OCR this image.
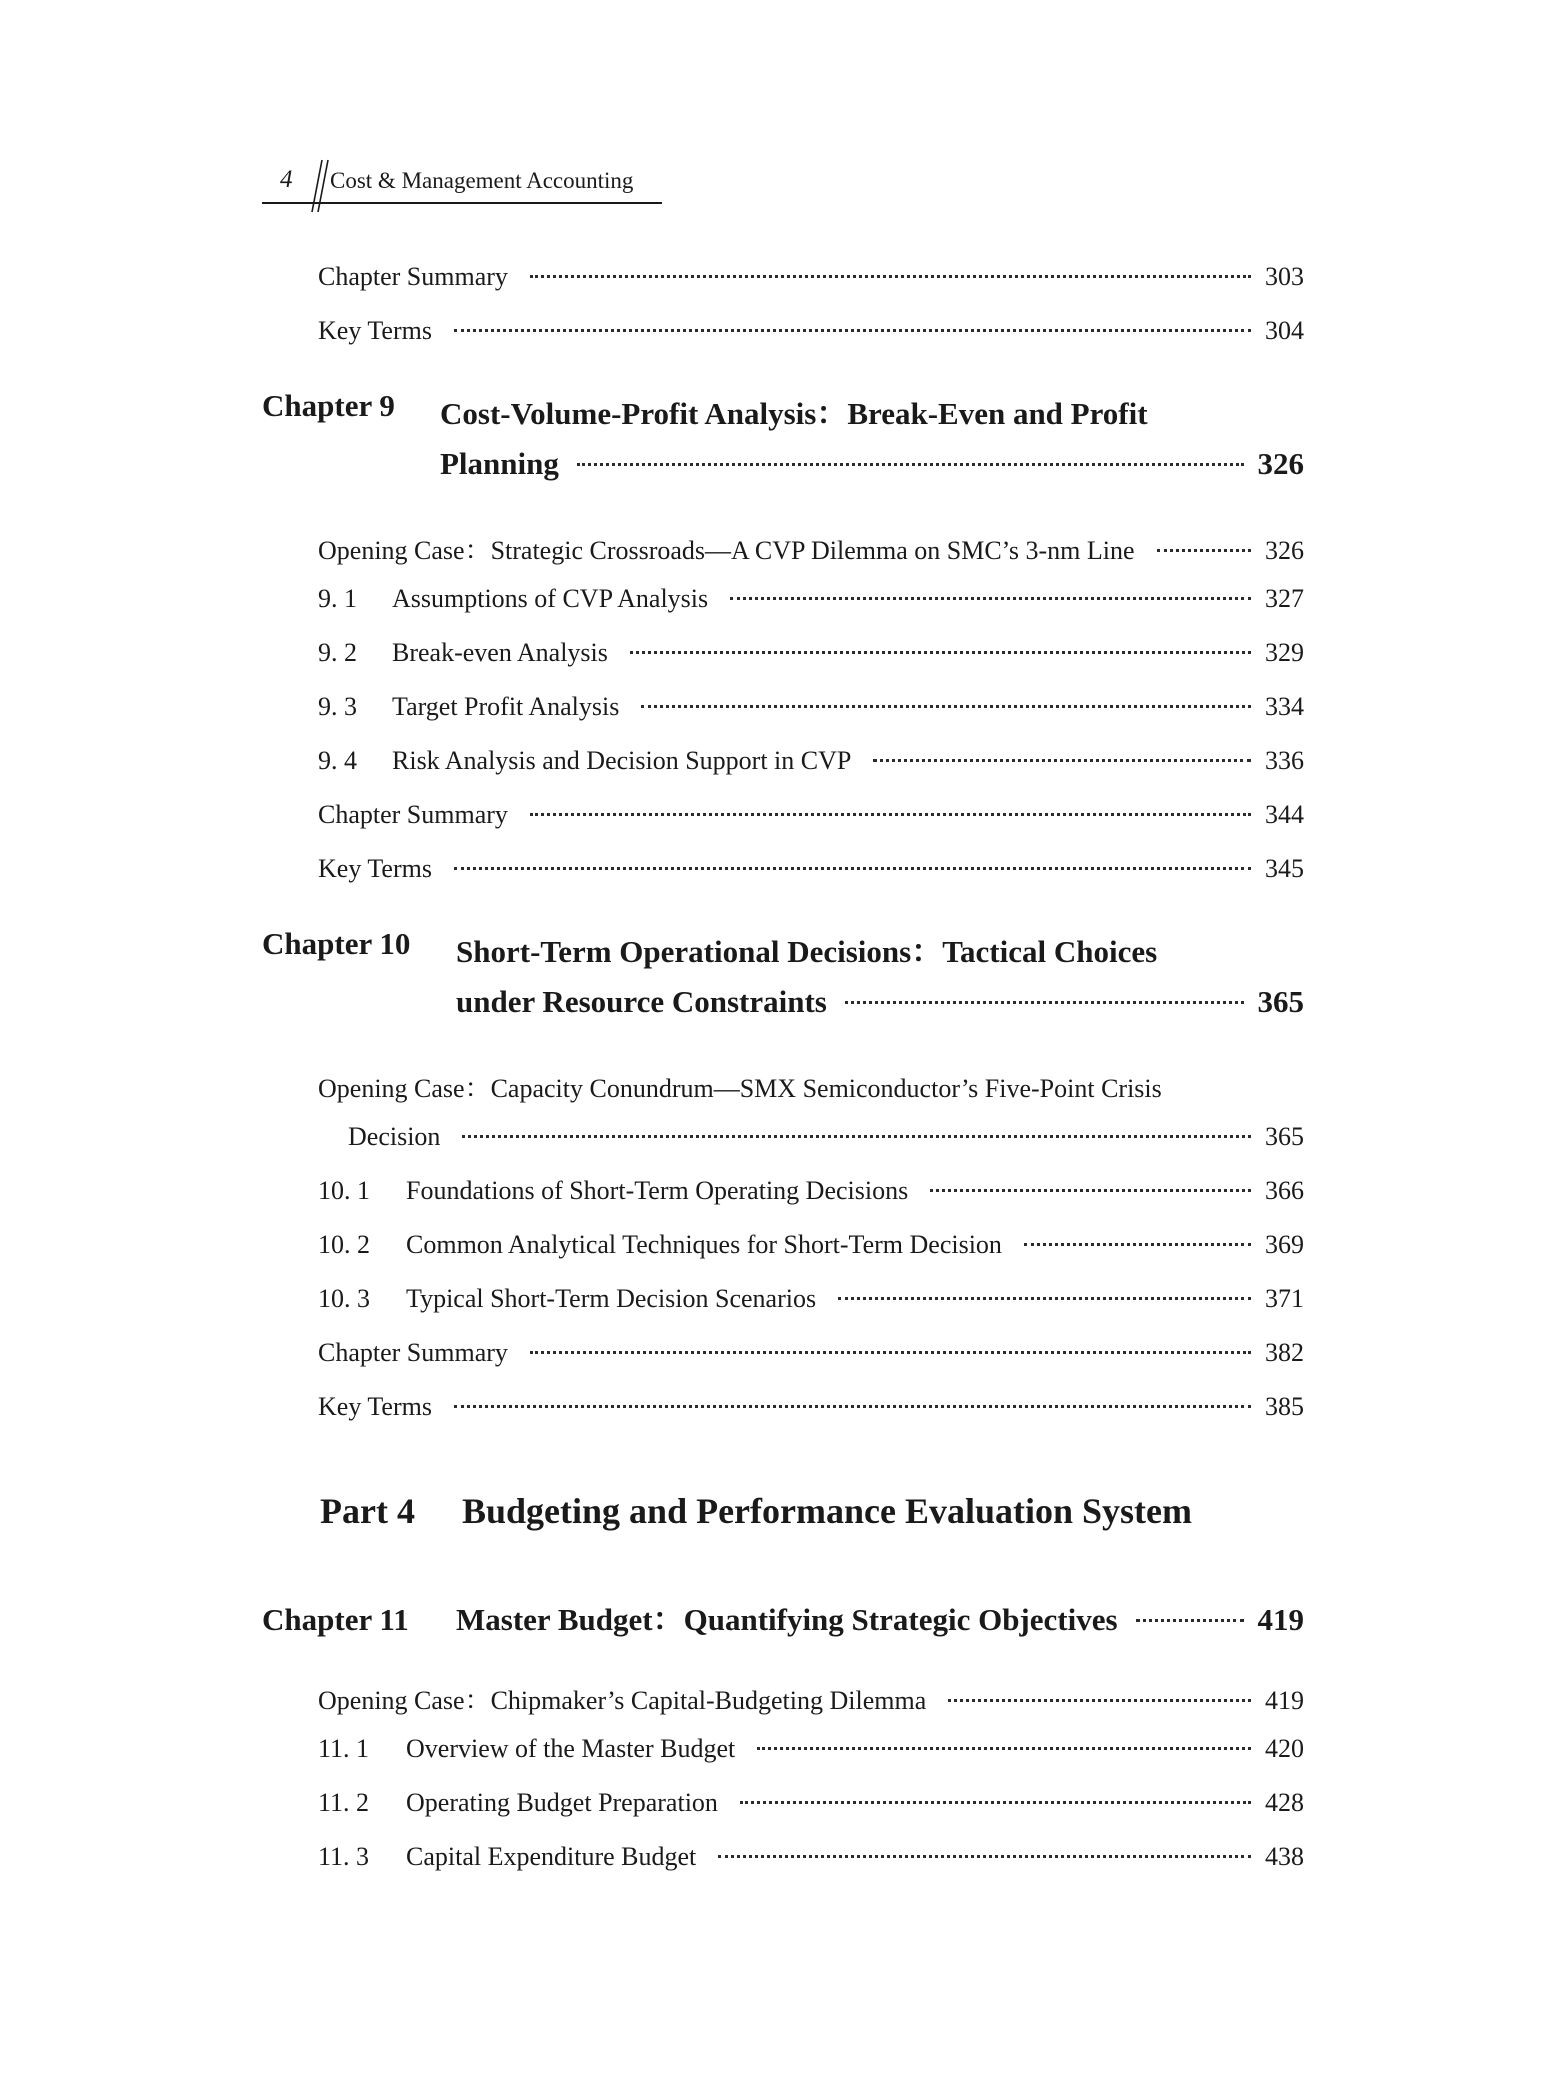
4 Cost & Management Accounting
Chapter Summary	303
Key Terms	304
Chapter 9 Cost-Volume-Profit Analysis：Break-Even and Profit
Planning	326
Opening Case：Strategic Crossroads—A CVP Dilemma on SMC’s 3-nm Line	326
9. 1	Assumptions of CVP Analysis	327
9. 2	Break-even Analysis	329
9. 3	Target Profit Analysis	334
9. 4	Risk Analysis and Decision Support in CVP	336
Chapter Summary	344
Key Terms	345
Chapter 10 Short-Term Operational Decisions：Tactical Choices
under Resource Constraints	365
Opening Case：Capacity Conundrum—SMX Semiconductor’s Five-Point Crisis
Decision	365
10. 1	Foundations of Short-Term Operating Decisions	366
10. 2	Common Analytical Techniques for Short-Term Decision	369
10. 3	Typical Short-Term Decision Scenarios	371
Chapter Summary	382
Key Terms	385
Part 4 Budgeting and Performance Evaluation System
Chapter 11	Master Budget：Quantifying Strategic Objectives	419
Opening Case：Chipmaker’s Capital-Budgeting Dilemma	419
11. 1	Overview of the Master Budget	420
11. 2	Operating Budget Preparation	428
11. 3	Capital Expenditure Budget	438
